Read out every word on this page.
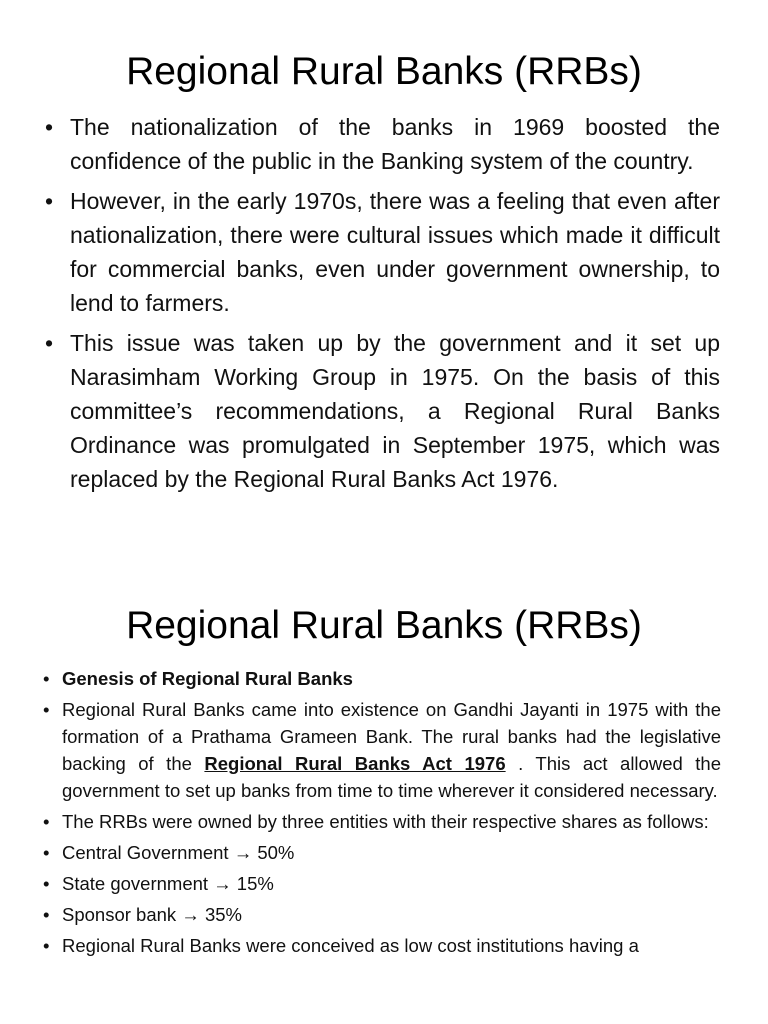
Regional Rural Banks (RRBs)
• The nationalization of the banks in 1969 boosted the confidence of the public in the Banking system of the country.
• However, in the early 1970s, there was a feeling that even after nationalization, there were cultural issues which made it difficult for commercial banks, even under government ownership, to lend to farmers.
• This issue was taken up by the government and it set up Narasimham Working Group in 1975. On the basis of this committee’s recommendations, a Regional Rural Banks Ordinance was promulgated in September 1975, which was replaced by the Regional Rural Banks Act 1976.
Regional Rural Banks (RRBs)
• Genesis of Regional Rural Banks
• Regional Rural Banks came into existence on Gandhi Jayanti in 1975 with the formation of a Prathama Grameen Bank. The rural banks had the legislative backing of the Regional Rural Banks Act 1976 . This act allowed the government to set up banks from time to time wherever it considered necessary.
• The RRBs were owned by three entities with their respective shares as follows:
• Central Government → 50%
• State government → 15%
• Sponsor bank → 35%
• Regional Rural Banks were conceived as low cost institutions having a
